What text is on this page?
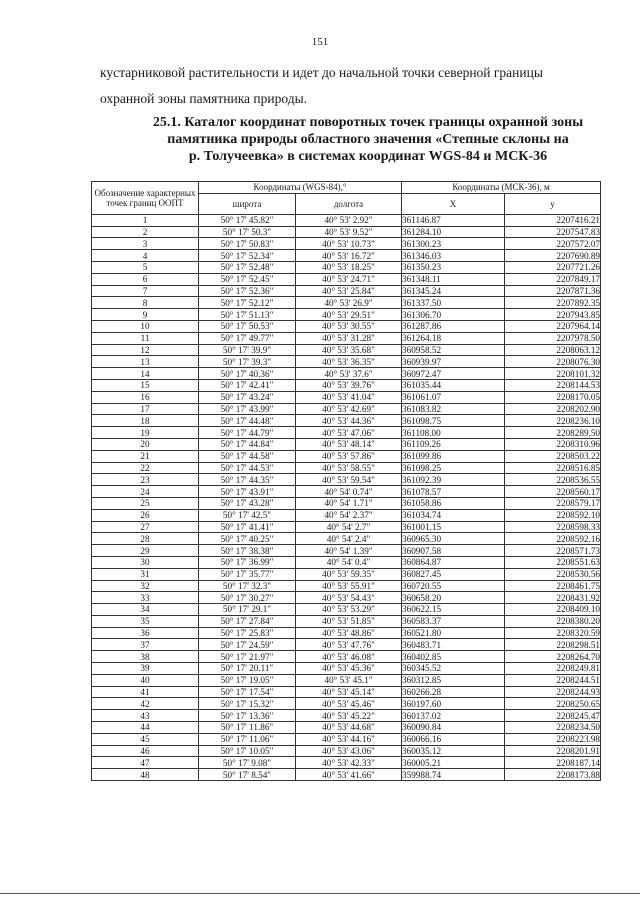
151
кустарниковой растительности и идет до начальной точки северной границы
охранной зоны памятника природы.
25.1. Каталог координат поворотных точек границы охранной зоны
памятника природы областного значения «Степные склоны на
р. Толучеевка» в системах координат WGS-84 и МСК-36
Обозначение характерных точек границ ООПТ	Координаты (WGS-84),°		Координаты (МСК-36), м	
	широта	долгота	X	y
1	50° 17' 45.82"	40° 53' 2.92"	361146.87	2207416.21
2	50° 17' 50.3"	40° 53' 9.52"	361284.10	2207547.83
3	50° 17' 50.83"	40° 53' 10.73"	361300.23	2207572.07
4	50° 17' 52.34"	40° 53' 16.72"	361346.03	2207690.89
5	50° 17' 52.48"	40° 53' 18.25"	361350.23	2207721.26
6	50° 17' 52.45"	40° 53' 24.71"	361348.11	2207849.17
7	50° 17' 52.36"	40° 53' 25.84"	361345.24	2207871.36
8	50° 17' 52.12"	40° 53' 26.9"	361337.50	2207892.35
9	50° 17' 51.13"	40° 53' 29.51"	361306.70	2207943.85
10	50° 17' 50.53"	40° 53' 30.55"	361287.86	2207964.14
11	50° 17' 49.77"	40° 53' 31.28"	361264.18	2207978.50
12	50° 17' 39.9"	40° 53' 35.68"	360958.52	2208063.12
13	50° 17' 39.3"	40° 53' 36.35"	360939.97	2208076.30
14	50° 17' 40.36"	40° 53' 37.6"	360972.47	2208101.32
15	50° 17' 42.41"	40° 53' 39.76"	361035.44	2208144.53
16	50° 17' 43.24"	40° 53' 41.04"	361061.07	2208170.05
17	50° 17' 43.99"	40° 53' 42.69"	361083.82	2208202.90
18	50° 17' 44.48"	40° 53' 44.36"	361098.75	2208236.10
19	50° 17' 44.79"	40° 53' 47.06"	361108.00	2208289.50
20	50° 17' 44.84"	40° 53' 48.14"	361109.26	2208310.96
21	50° 17' 44.58"	40° 53' 57.86"	361099.86	2208503.22
22	50° 17' 44.53"	40° 53' 58.55"	361098.25	2208516.85
23	50° 17' 44.35"	40° 53' 59.54"	361092.39	2208536.55
24	50° 17' 43.91"	40° 54' 0.74"	361078.57	2208560.17
25	50° 17' 43.28"	40° 54' 1.71"	361058.86	2208579.17
26	50° 17' 42.5"	40° 54' 2.37"	361034.74	2208592.10
27	50° 17' 41.41"	40° 54' 2.7"	361001.15	2208598.33
28	50° 17' 40.25"	40° 54' 2.4"	360965.30	2208592.16
29	50° 17' 38.38"	40° 54' 1.39"	360907.58	2208571.73
30	50° 17' 36.99"	40° 54' 0.4"	360864.87	2208551.63
31	50° 17' 35.77"	40° 53' 59.35"	360827.45	2208530.56
32	50° 17' 32.3"	40° 53' 55.91"	360720.55	2208461.75
33	50° 17' 30.27"	40° 53' 54.43"	360658.20	2208431.92
34	50° 17' 29.1"	40° 53' 53.29"	360622.15	2208409.10
35	50° 17' 27.84"	40° 53' 51.85"	360583.37	2208380.20
36	50° 17' 25.83"	40° 53' 48.86"	360521.80	2208320.59
37	50° 17' 24.59"	40° 53' 47.76"	360483.71	2208298.51
38	50° 17' 21.97"	40° 53' 46.08"	360402.85	2208264.70
39	50° 17' 20.11"	40° 53' 45.36"	360345.52	2208249.81
40	50° 17' 19.05"	40° 53' 45.1"	360312.85	2208244.51
41	50° 17' 17.54"	40° 53' 45.14"	360266.28	2208244.93
42	50° 17' 15.32"	40° 53' 45.46"	360197.60	2208250.65
43	50° 17' 13.36"	40° 53' 45.22"	360137.02	2208245.47
44	50° 17' 11.86"	40° 53' 44.68"	360090.84	2208234.50
45	50° 17' 11.06"	40° 53' 44.16"	360066.16	2208223.98
46	50° 17' 10.05"	40° 53' 43.06"	360035.12	2208201.91
47	50° 17' 9.08"	40° 53' 42.33"	360005.21	2208187.14
48	50° 17' 8.54"	40° 53' 41.66"	359988.74	2208173.88
